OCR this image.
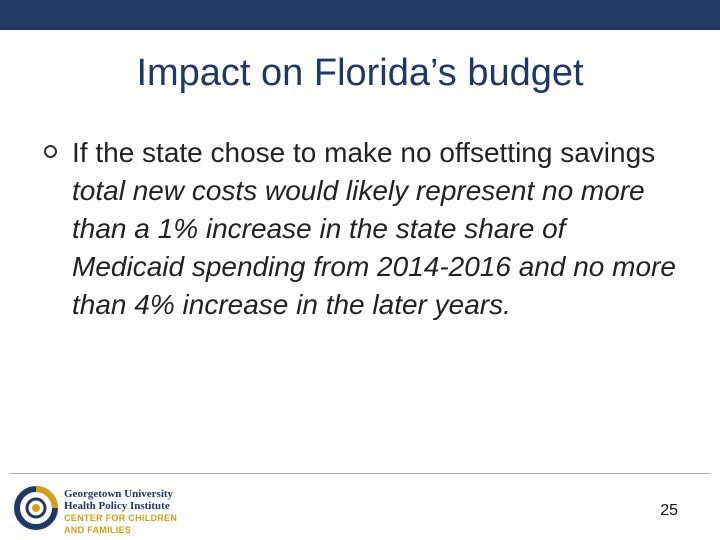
Impact on Florida’s budget
If the state chose to make no offsetting savings total new costs would likely represent no more than a 1% increase in the state share of Medicaid spending from 2014-2016 and no more than 4% increase in the later years.
Georgetown University
Health Policy Institute
CENTER FOR CHILDREN
AND FAMILIES
25
